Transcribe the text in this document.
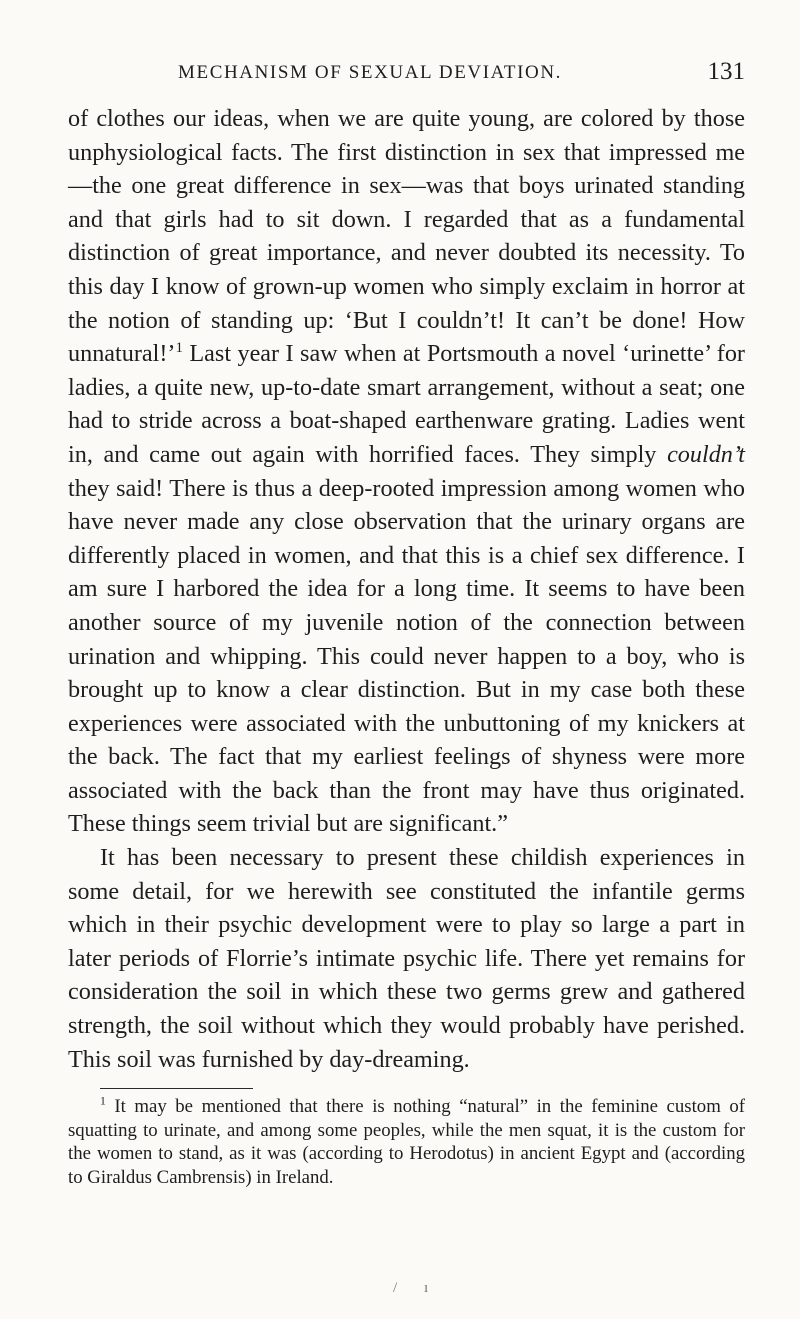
MECHANISM OF SEXUAL DEVIATION.	131

of clothes our ideas, when we are quite young, are colored by those unphysiological facts. The first distinction in sex that impressed me—the one great difference in sex—was that boys urinated standing and that girls had to sit down. I regarded that as a fundamental distinction of great importance, and never doubted its necessity. To this day I know of grown-up women who simply exclaim in horror at the notion of standing up: ‘But I couldn’t! It can’t be done! How unnatural!’$^1$ Last year I saw when at Portsmouth a novel ‘urinette’ for ladies, a quite new, up-to-date smart arrangement, without a seat; one had to stride across a boat-shaped earthenware grating. Ladies went in, and came out again with horrified faces. They simply couldn’t they said! There is thus a deep-rooted impression among women who have never made any close observation that the urinary organs are differently placed in women, and that this is a chief sex difference. I am sure I harbored the idea for a long time. It seems to have been another source of my juvenile notion of the connection between urination and whipping. This could never happen to a boy, who is brought up to know a clear distinction. But in my case both these experiences were associated with the unbuttoning of my knickers at the back. The fact that my earliest feelings of shyness were more associated with the back than the front may have thus originated. These things seem trivial but are significant.”

It has been necessary to present these childish experiences in some detail, for we herewith see constituted the infantile germs which in their psychic development were to play so large a part in later periods of Florrie’s intimate psychic life. There yet remains for consideration the soil in which these two germs grew and gathered strength, the soil without which they would probably have perished. This soil was furnished by day-dreaming.

$^1$ It may be mentioned that there is nothing “natural” in the feminine custom of squatting to urinate, and among some peoples, while the men squat, it is the custom for the women to stand, as it was (according to Herodotus) in ancient Egypt and (according to Giraldus Cambrensis) in Ireland.

/ ı
